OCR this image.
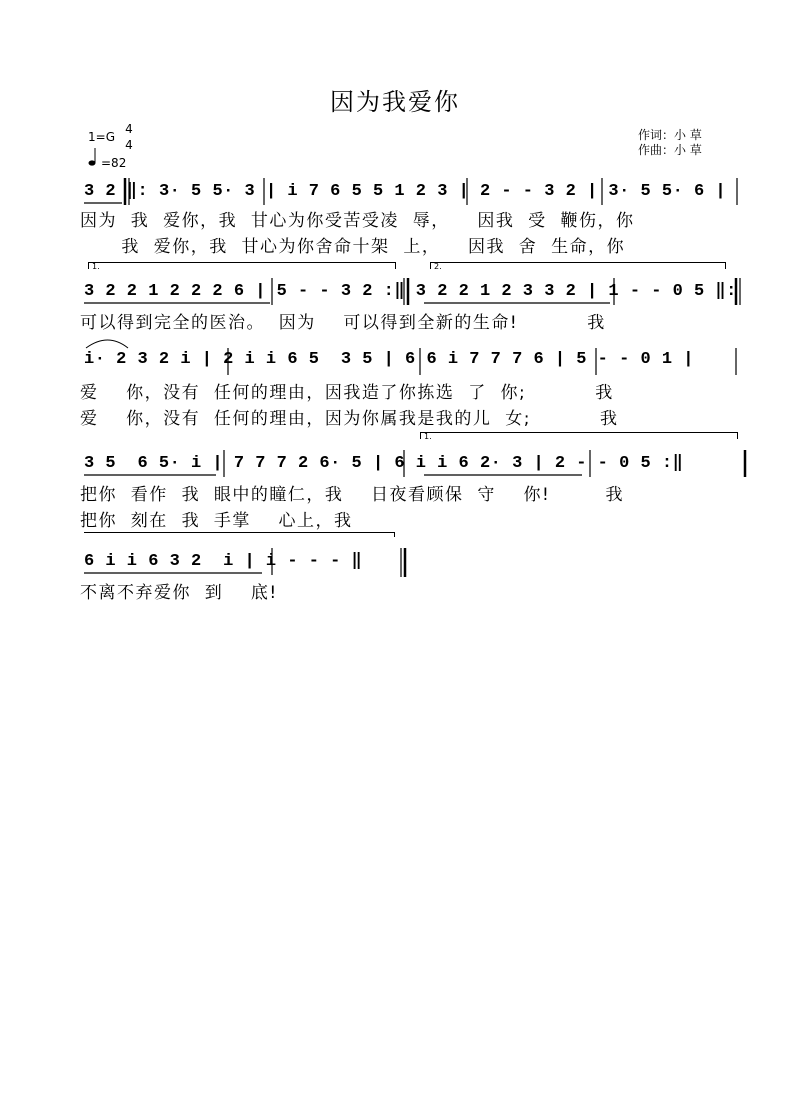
因为我爱你
1=G
4
4
=82
作词：小 草
作曲：小 草
3 2 ‖: 3· 5 5· 3 | i 7 6 5 5 1 2 3 | 2 - - 3 2 | 3· 5 5· 6 |
因为  我  爱你，我  甘心为你受苦受凌  辱，    因我  受  鞭伤，你
我  爱你，我  甘心为你舍命十架  上，    因我  舍  生命，你
1.	2.
3 2 2 1 2 2 2 6 | 5 - - 3 2 :‖ 3 2 2 1 2 3 3 2 | 1 - - 0 5 ‖:
可以得到完全的医治。  因为    可以得到全新的生命!          我
i· 2 3 2 i | 2 i i 6 5  3 5 | 6 6 i 7 7 7 6 | 5 - - 0 1 |
爱    你，没有  任何的理由，因我造了你拣选  了  你;          我
爱    你，没有  任何的理由，因为你属我是我的儿  女;          我
1.
3 5  6 5· i | 7 7 7 2 6· 5 | 6 i i 6 2· 3 | 2 - - 0 5 :‖
把你  看作  我  眼中的瞳仁，我    日夜看顾保  守    你!        我
把你  刻在  我  手掌    心上，我
6 i i 6 3 2  i | i - - - ‖
不离不弃爱你  到    底!
